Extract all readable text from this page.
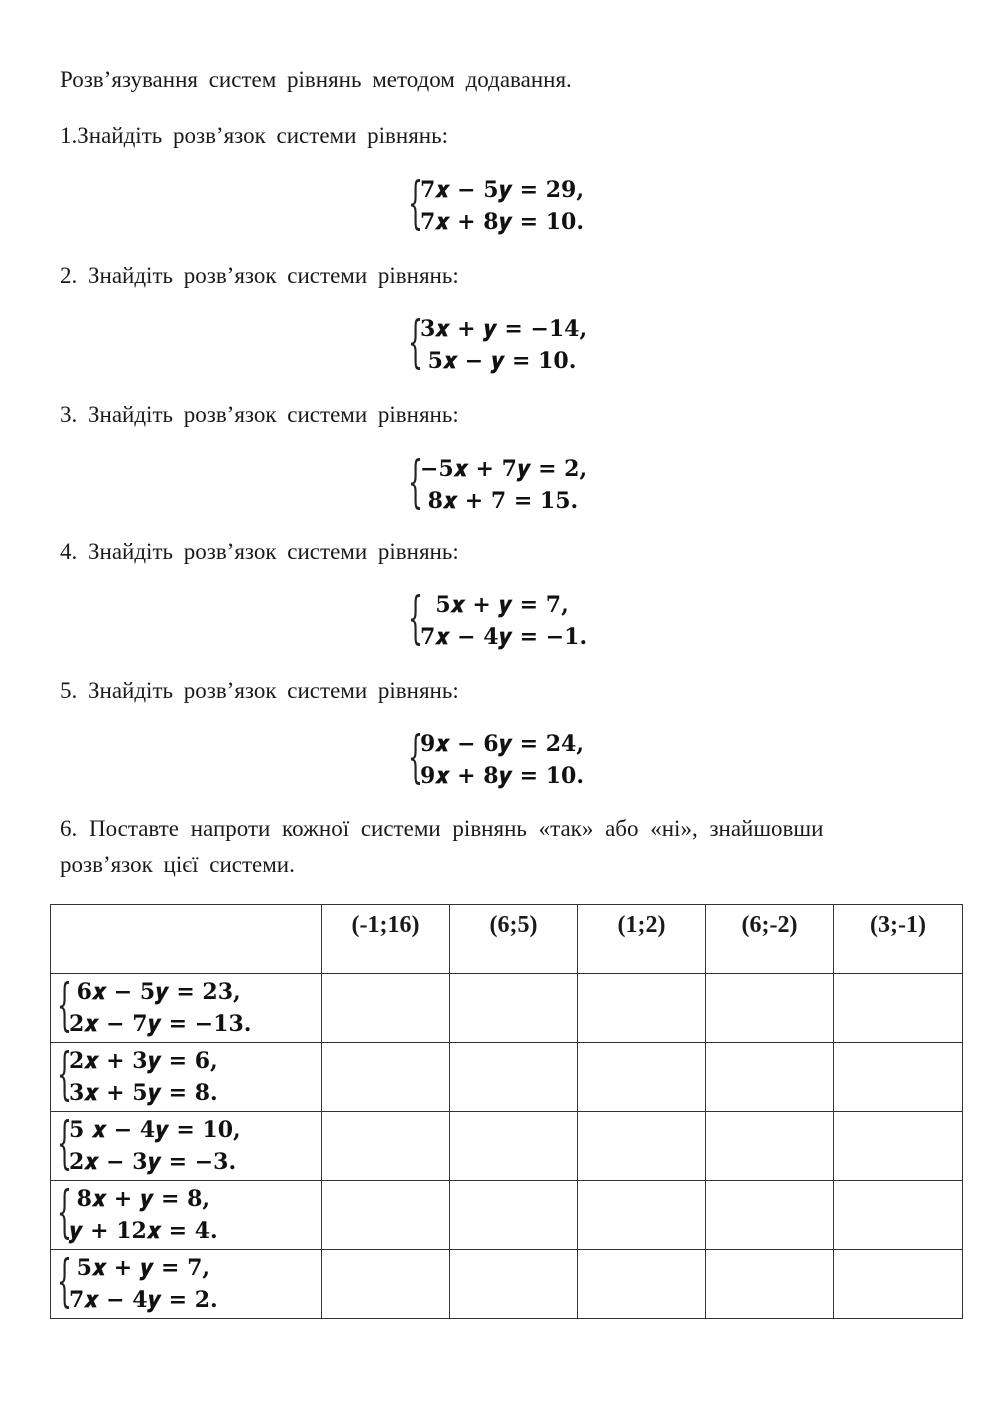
Розв’язування систем рівнянь методом додавання.
1.Знайдіть розв’язок системи рівнянь:
{
7𝒙 − 5𝒚 = 29,
7𝒙 + 8𝒚 = 10.
2. Знайдіть розв’язок системи рівнянь:
{
3𝒙 + 𝒚 = −14,
5𝒙 − 𝒚 = 10.
3. Знайдіть розв’язок системи рівнянь:
{
−5𝒙 + 7𝒚 = 2,
8𝒙 + 7 = 15.
4. Знайдіть розв’язок системи рівнянь:
{
5𝒙 + 𝒚 = 7,
7𝒙 − 4𝒚 = −1.
5. Знайдіть розв’язок системи рівнянь:
{
9𝒙 − 6𝒚 = 24,
9𝒙 + 8𝒚 = 10.
6. Поставте напроти кожної системи рівнянь «так» або «ні», знайшовши
розв’язок цієї системи.
	(-1;16)	(6;5)	(1;2)	(6;-2)	(3;-1)

{
6𝒙 − 5𝒚 = 23,
2𝒙 − 7𝒚 = −13.					

{
2𝒙 + 3𝒚 = 6,
3𝒙 + 5𝒚 = 8.					

{
5 𝒙 − 4𝒚 = 10,
2𝒙 − 3𝒚 = −3.					

{
8𝒙 + 𝒚 = 8,
𝒚 + 12𝒙 = 4.					

{
5𝒙 + 𝒚 = 7,
7𝒙 − 4𝒚 = 2.					
